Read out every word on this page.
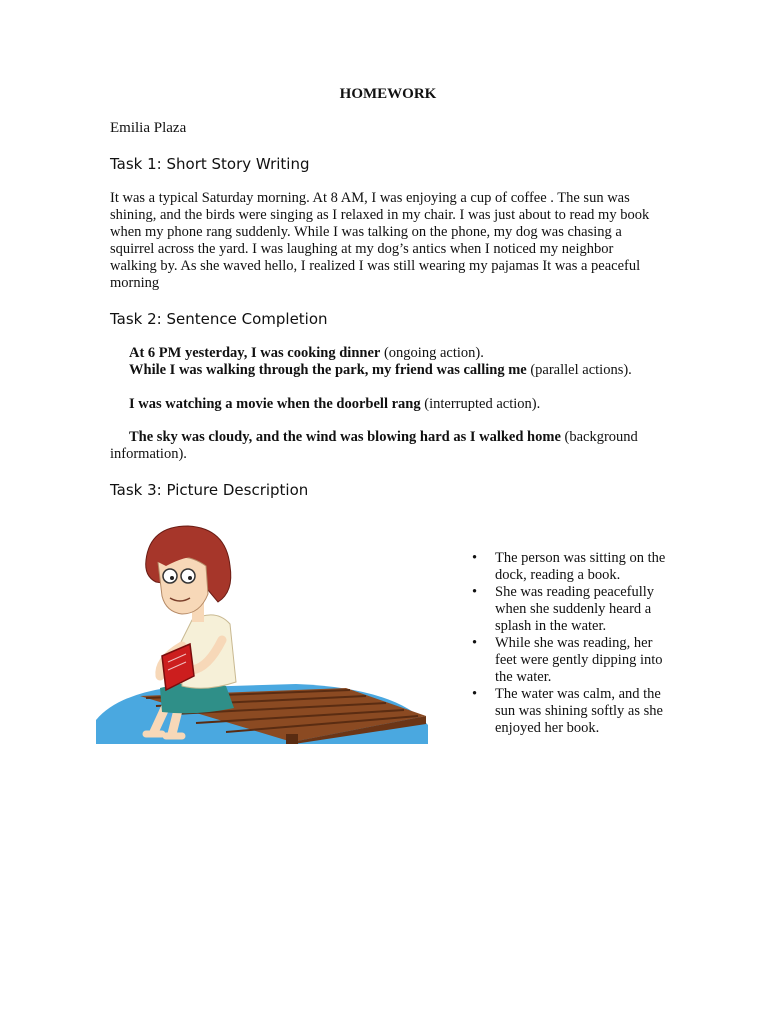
HOMEWORK
Emilia Plaza
Task 1: Short Story Writing

It was a typical Saturday morning. At 8 AM, I was enjoying a cup of coffee . The sun was shining, and the birds were singing as I relaxed in my chair. I was just about to read my book when my phone rang suddenly. While I was talking on the phone, my dog was chasing a squirrel across the yard. I was laughing at my dog’s antics when I noticed my neighbor walking by. As she waved hello, I realized I was still wearing my pajamas It was a peaceful morning

Task 2: Sentence Completion

At 6 PM yesterday, I was cooking dinner (ongoing action).

While I was walking through the park, my friend was calling me (parallel actions).

I was watching a movie when the doorbell rang (interrupted action).

The sky was cloudy, and the wind was blowing hard as I walked home (background information).

Task 3: Picture Description
• The person was sitting on the dock, reading a book.
• She was reading peacefully when she suddenly heard a splash in the water.
• While she was reading, her feet were gently dipping into the water.
• The water was calm, and the sun was shining softly as she enjoyed her book.
